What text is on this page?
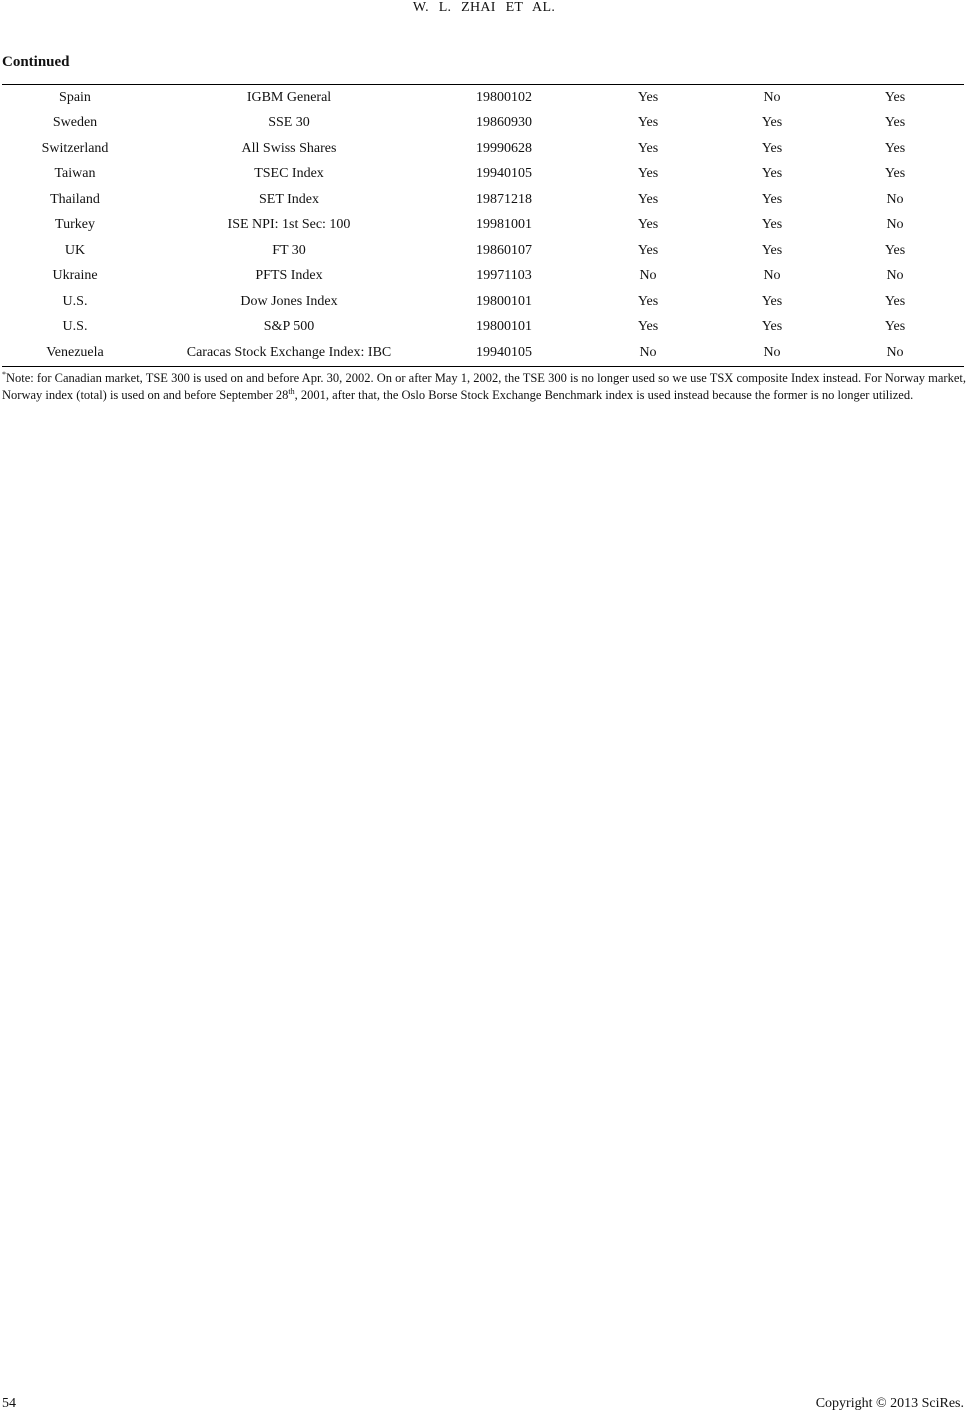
W. L. ZHAI ET AL.
Continued
Spain	IGBM General	19800102	Yes	No	Yes
Sweden	SSE 30	19860930	Yes	Yes	Yes
Switzerland	All Swiss Shares	19990628	Yes	Yes	Yes
Taiwan	TSEC Index	19940105	Yes	Yes	Yes
Thailand	SET Index	19871218	Yes	Yes	No
Turkey	ISE NPI: 1st Sec: 100	19981001	Yes	Yes	No
UK	FT 30	19860107	Yes	Yes	Yes
Ukraine	PFTS Index	19971103	No	No	No
U.S.	Dow Jones Index	19800101	Yes	Yes	Yes
U.S.	S&P 500	19800101	Yes	Yes	Yes
Venezuela	Caracas Stock Exchange Index: IBC	19940105	No	No	No
*Note: for Canadian market, TSE 300 is used on and before Apr. 30, 2002. On or after May 1, 2002, the TSE 300 is no longer used so we use TSX composite Index instead. For Norway market, Norway index (total) is used on and before September 28th, 2001, after that, the Oslo Borse Stock Exchange Benchmark index is used instead because the former is no longer utilized.
54	Copyright © 2013 SciRes.
